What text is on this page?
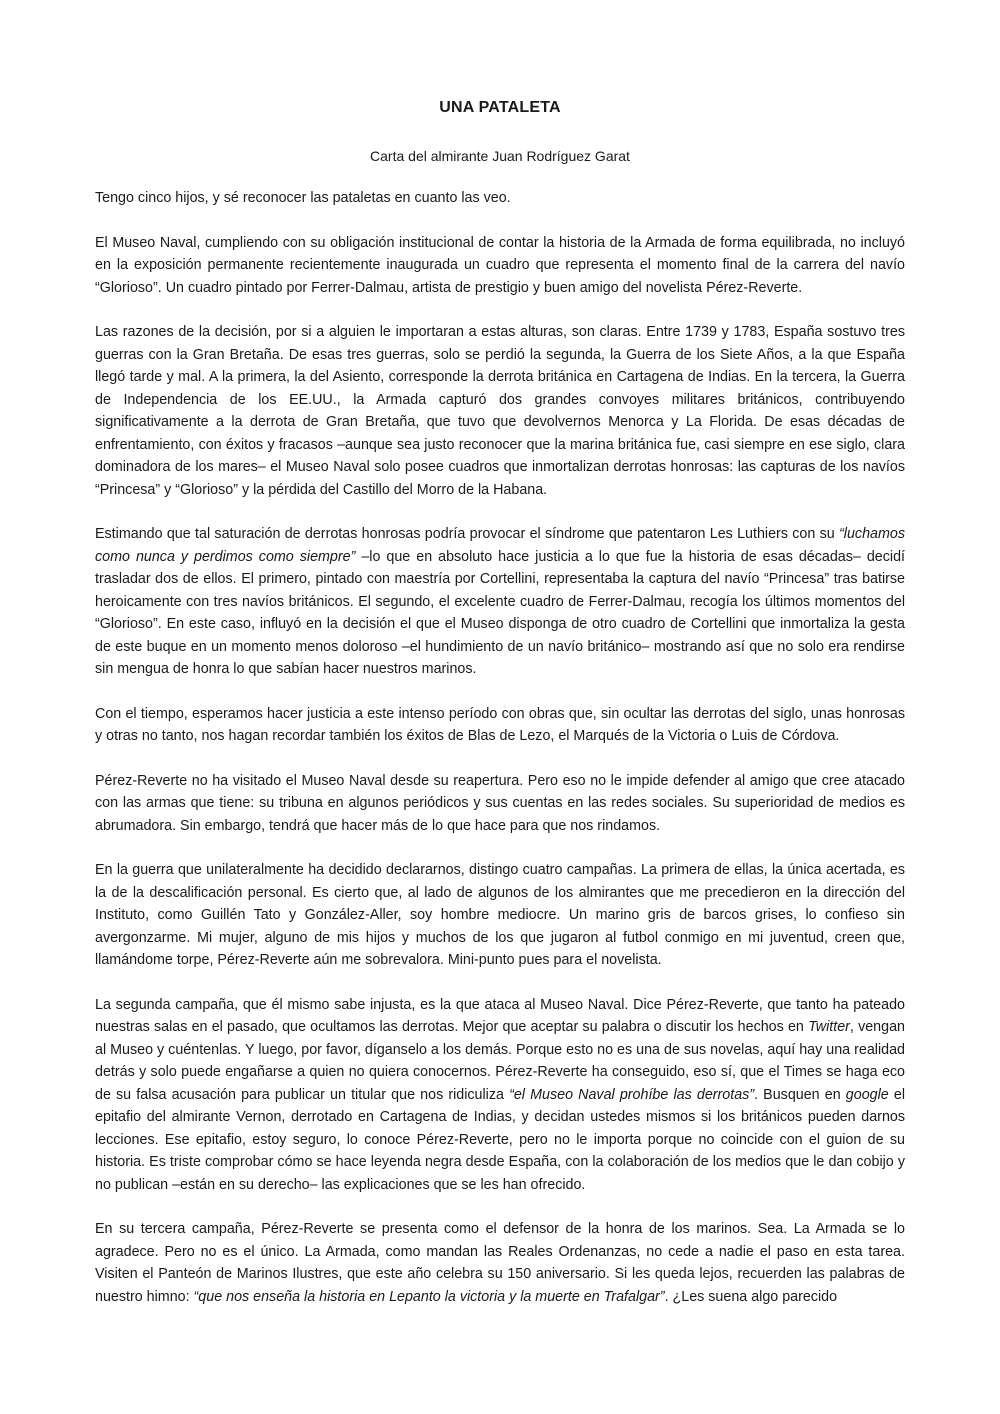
UNA PATALETA
Carta del almirante Juan Rodríguez Garat

Tengo cinco hijos, y sé reconocer las pataletas en cuanto las veo.

El Museo Naval, cumpliendo con su obligación institucional de contar la historia de la Armada de forma equilibrada, no incluyó en la exposición permanente recientemente inaugurada un cuadro que representa el momento final de la carrera del navío “Glorioso”. Un cuadro pintado por Ferrer-Dalmau, artista de prestigio y buen amigo del novelista Pérez-Reverte.

Las razones de la decisión, por si a alguien le importaran a estas alturas, son claras. Entre 1739 y 1783, España sostuvo tres guerras con la Gran Bretaña. De esas tres guerras, solo se perdió la segunda, la Guerra de los Siete Años, a la que España llegó tarde y mal. A la primera, la del Asiento, corresponde la derrota británica en Cartagena de Indias. En la tercera, la Guerra de Independencia de los EE.UU., la Armada capturó dos grandes convoyes militares británicos, contribuyendo significativamente a la derrota de Gran Bretaña, que tuvo que devolvernos Menorca y La Florida. De esas décadas de enfrentamiento, con éxitos y fracasos –aunque sea justo reconocer que la marina británica fue, casi siempre en ese siglo, clara dominadora de los mares– el Museo Naval solo posee cuadros que inmortalizan derrotas honrosas: las capturas de los navíos “Princesa” y “Glorioso” y la pérdida del Castillo del Morro de la Habana.

Estimando que tal saturación de derrotas honrosas podría provocar el síndrome que patentaron Les Luthiers con su “luchamos como nunca y perdimos como siempre” –lo que en absoluto hace justicia a lo que fue la historia de esas décadas– decidí trasladar dos de ellos. El primero, pintado con maestría por Cortellini, representaba la captura del navío “Princesa” tras batirse heroicamente con tres navíos británicos. El segundo, el excelente cuadro de Ferrer-Dalmau, recogía los últimos momentos del “Glorioso”. En este caso, influyó en la decisión el que el Museo disponga de otro cuadro de Cortellini que inmortaliza la gesta de este buque en un momento menos doloroso –el hundimiento de un navío británico– mostrando así que no solo era rendirse sin mengua de honra lo que sabían hacer nuestros marinos.

Con el tiempo, esperamos hacer justicia a este intenso período con obras que, sin ocultar las derrotas del siglo, unas honrosas y otras no tanto, nos hagan recordar también los éxitos de Blas de Lezo, el Marqués de la Victoria o Luis de Córdova.

Pérez-Reverte no ha visitado el Museo Naval desde su reapertura. Pero eso no le impide defender al amigo que cree atacado con las armas que tiene: su tribuna en algunos periódicos y sus cuentas en las redes sociales. Su superioridad de medios es abrumadora. Sin embargo, tendrá que hacer más de lo que hace para que nos rindamos.

En la guerra que unilateralmente ha decidido declararnos, distingo cuatro campañas. La primera de ellas, la única acertada, es la de la descalificación personal. Es cierto que, al lado de algunos de los almirantes que me precedieron en la dirección del Instituto, como Guillén Tato y González-Aller, soy hombre mediocre. Un marino gris de barcos grises, lo confieso sin avergonzarme. Mi mujer, alguno de mis hijos y muchos de los que jugaron al futbol conmigo en mi juventud, creen que, llamándome torpe, Pérez-Reverte aún me sobrevalora. Mini-punto pues para el novelista.

La segunda campaña, que él mismo sabe injusta, es la que ataca al Museo Naval. Dice Pérez-Reverte, que tanto ha pateado nuestras salas en el pasado, que ocultamos las derrotas. Mejor que aceptar su palabra o discutir los hechos en Twitter, vengan al Museo y cuéntenlas. Y luego, por favor, díganselo a los demás. Porque esto no es una de sus novelas, aquí hay una realidad detrás y solo puede engañarse a quien no quiera conocernos. Pérez-Reverte ha conseguido, eso sí, que el Times se haga eco de su falsa acusación para publicar un titular que nos ridiculiza “el Museo Naval prohíbe las derrotas”. Busquen en google el epitafio del almirante Vernon, derrotado en Cartagena de Indias, y decidan ustedes mismos si los británicos pueden darnos lecciones. Ese epitafio, estoy seguro, lo conoce Pérez-Reverte, pero no le importa porque no coincide con el guion de su historia. Es triste comprobar cómo se hace leyenda negra desde España, con la colaboración de los medios que le dan cobijo y no publican –están en su derecho– las explicaciones que se les han ofrecido.

En su tercera campaña, Pérez-Reverte se presenta como el defensor de la honra de los marinos. Sea. La Armada se lo agradece. Pero no es el único. La Armada, como mandan las Reales Ordenanzas, no cede a nadie el paso en esta tarea. Visiten el Panteón de Marinos Ilustres, que este año celebra su 150 aniversario. Si les queda lejos, recuerden las palabras de nuestro himno: “que nos enseña la historia en Lepanto la victoria y la muerte en Trafalgar”. ¿Les suena algo parecido
